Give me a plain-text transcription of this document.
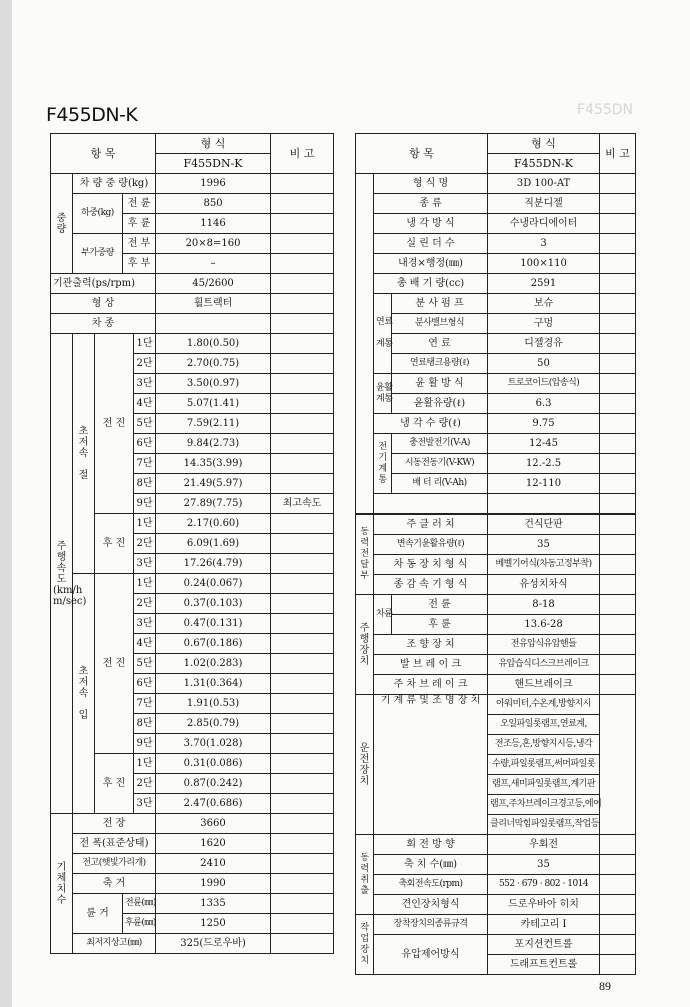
F455DN-K	F455DN
항 목					형 식	비 고
					F455DN-K	
중 량	차 량 중 량(kg)				1996	
	하중(kg)		전 륜		850	
			후 륜		1146	
	부가중량		전 부		20×8=160	
			후 부		–	
기관출력(ps/rpm)					45/2600	
형 상					휠트랙터	
차 종						
주 행 속 도 (km/h m/sec)	초 저 속

절	전 진		1단	1.80(0.50)	
				2단	2.70(0.75)	
				3단	3.50(0.97)	
				4단	5.07(1.41)	
				5단	7.59(2.11)	
				6단	9.84(2.73)	
				7단	14.35(3.99)	
				8단	21.49(5.97)	
				9단	27.89(7.75)	최고속도
		후 진		1단	2.17(0.60)	
				2단	6.09(1.69)	
				3단	17.26(4.79)	
	초 저 속

입	전 진		1단	0.24(0.067)	
				2단	0.37(0.103)	
				3단	0.47(0.131)	
				4단	0.67(0.186)	
				5단	1.02(0.283)	
				6단	1.31(0.364)	
				7단	1.91(0.53)	
				8단	2.85(0.79)	
				9단	3.70(1.028)	
		후 진		1단	0.31(0.086)	
				2단	0.87(0.242)	
				3단	2.47(0.686)	
기 체 치 수	전 장				3660	
	전 폭(표준상태)				1620	
	전고(햇빛가리개)				2410	
	축 거				1990	
	륜 거		전륜(㎜)		1335	
			후륜(㎜)		1250	
	최저지상고(㎜)				325(드로우바)	
항 목			형 식	비 고
			F455DN-K	
	형 식 명		3D 100-AT	
	종 류		직분디젤	
	냉 각 방 식		수냉라디에이터	
	실 린 더 수		3	
	내경×행정(㎜)		100×110	
	총 배 기 량(cc)		2591	
	연료

계통	분 사 펌 프	보슈	
		분사밸브형식	구멍	
		연 료	디젤경유	
		연료탱크용량(ℓ)	50	
	윤활
계통	윤 활 방 식	트로코이드(압송식)	
		윤활유량(ℓ)	6.3	
	냉 각 수 량(ℓ)		9.75	
	전기 계통	충전발전기(V-A)	12-45	
		시동전동기(V-KW)	12.-2.5	
		배 터 리(V-Ah)	12-110	

동 력 전 달 부	주 클 러 치		건식단판	
	변속기윤활유량(ℓ)		35	
	차 동 장 치 형 식		베벨기어식(차동고정부착)	
	종 감 속 기 형 식		유성치차식	
주 행 장 치	차륜	전 륜	8-18	
		후 륜	13.6-28	
	조 향 장 치		전유압식유압핸들	
	발 브 레 이 크		유압습식디스크브레이크	
	주 차 브 레 이 크		핸드브레이크	
운 전 장 치	기 계 류 및 조 명 장 치		아워미터,수온계,방향지시	
			오일파일롯램프,연료계,	
			전조등,혼,방향지시등,냉각	
			수량,파일롯램프,써머파일롯	
			램프,새미파일롯램프,계기판	
			램프,주차브레이크경고등,에어	
			클리너막힘파일롯램프,작업등	
동 력 취 출	회 전 방 향		우회전	
	축 치 수(㎜)		35	
	축회전속도(rpm)		552 · 679 · 802 · 1014	
	견인장치형식		드로우바아 히치	
작업 장치	장착장치의종류규격		카테고리 Ⅰ	
	유압제어방식		포지션컨트롤	
			드래프트컨트롤	
89
